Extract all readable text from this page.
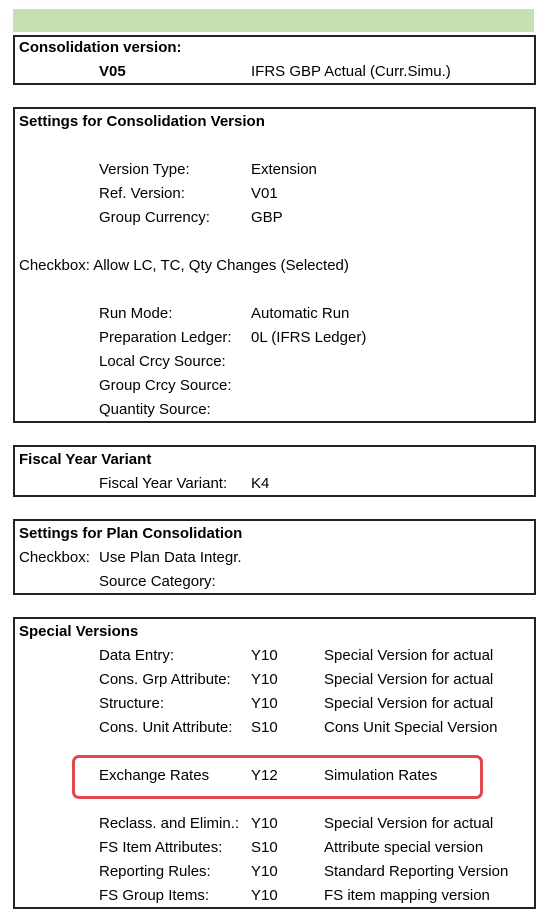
Consolidation version:
V05	IFRS GBP Actual (Curr.Simu.)
Settings for Consolidation Version
Version Type:	Extension
Ref. Version:	V01
Group Currency:	GBP
Checkbox: Allow LC, TC, Qty Changes (Selected)
Run Mode:	Automatic Run
Preparation Ledger: 0L (IFRS Ledger)
Local Crcy Source:
Group Crcy Source:
Quantity Source:
Fiscal Year Variant
Fiscal Year Variant: K4
Settings for Plan Consolidation
Checkbox: Use Plan Data Integr.
Source Category:
Special Versions
Data Entry:	Y10	Special Version for actual
Cons. Grp Attribute: Y10	Special Version for actual
Structure:	Y10	Special Version for actual
Cons. Unit Attribute: S10	Cons Unit Special Version
Exchange Rates	Y12	Simulation Rates
Reclass. and Elimin.: Y10	Special Version for actual
FS Item Attributes: S10	Attribute special version
Reporting Rules:	Y10	Standard Reporting Version
FS Group Items:	Y10	FS item mapping version
